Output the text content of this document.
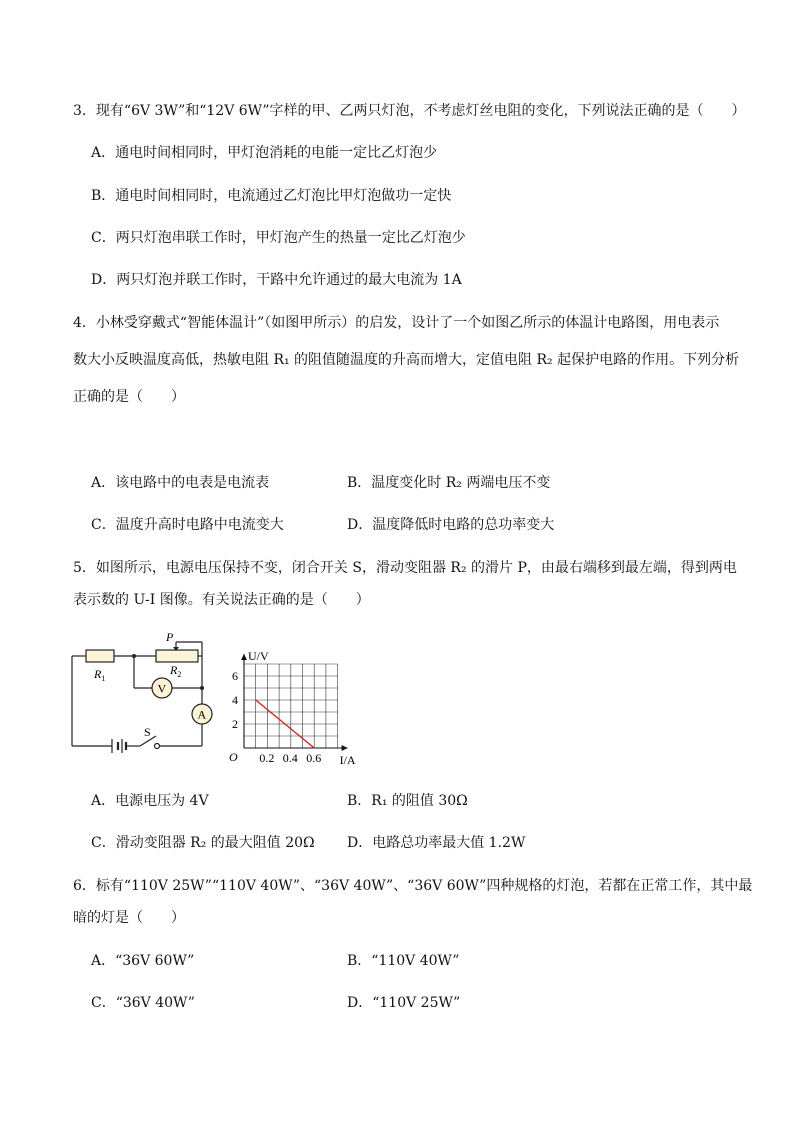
3．现有“6V 3W”和“12V 6W”字样的甲、乙两只灯泡，不考虑灯丝电阻的变化，下列说法正确的是（　　）
A．通电时间相同时，甲灯泡消耗的电能一定比乙灯泡少
B．通电时间相同时，电流通过乙灯泡比甲灯泡做功一定快
C．两只灯泡串联工作时，甲灯泡产生的热量一定比乙灯泡少
D．两只灯泡并联工作时，干路中允许通过的最大电流为 1A
4．小林受穿戴式“智能体温计”（如图甲所示）的启发，设计了一个如图乙所示的体温计电路图，用电表示
数大小反映温度高低，热敏电阻 R₁ 的阻值随温度的升高而增大，定值电阻 R₂ 起保护电路的作用。下列分析
正确的是（　　）
A．该电路中的电表是电流表	B．温度变化时 R₂ 两端电压不变
C．温度升高时电路中电流变大	D．温度降低时电路的总功率变大
5．如图所示，电源电压保持不变，闭合开关 S，滑动变阻器 R₂ 的滑片 P，由最右端移到最左端，得到两电
表示数的 U-I 图像。有关说法正确的是（　　）
$R_1$
P
$R_2$
V
A
S
0.2 0.4 0.6
2
4
6
O	I/A
U/V
A．电源电压为 4V	B．R₁ 的阻值 30Ω
C．滑动变阻器 R₂ 的最大阻值 20Ω D．电路总功率最大值 1.2W
6．标有“110V 25W”“110V 40W”、“36V 40W”、“36V 60W”四种规格的灯泡，若都在正常工作，其中最
暗的灯是（　　）
A．“36V 60W”	B．“110V 40W”
C．“36V 40W”	D．“110V 25W”
